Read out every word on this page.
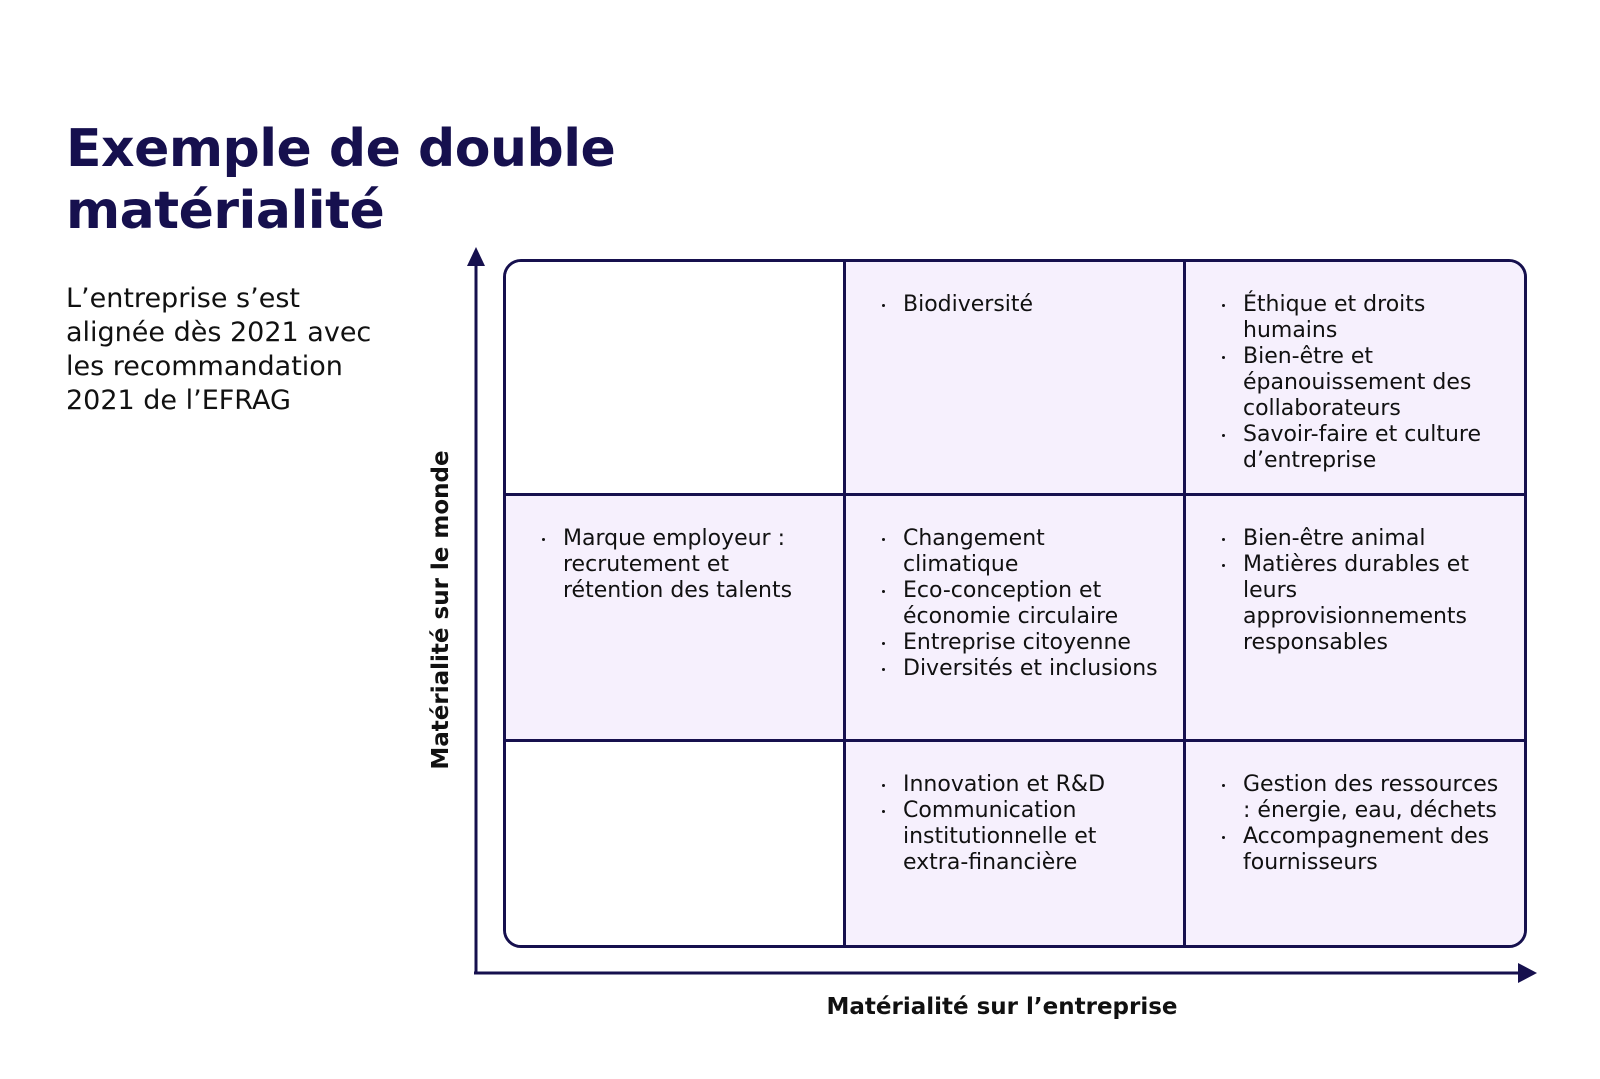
Exemple de double
matérialité

L’entreprise s’est
alignée dès 2021 avec
les recommandation
2021 de l’EFRAG

Matérialité sur le monde
Matérialité sur l’entreprise
Biodiversité	Éthique et droits humains
Bien-être et épanouissement des collaborateurs
Savoir-faire et culture d’entreprise
Marque employeur : recrutement et rétention des talents
Changement climatique
Eco-conception et économie circulaire
Entreprise citoyenne
Diversités et inclusions
Bien-être animal
Matières durables et leurs approvisionnements responsables
Innovation et R&D
Communication institutionnelle et extra-financière
Gestion des ressources : énergie, eau, déchets
Accompagnement des fournisseurs
